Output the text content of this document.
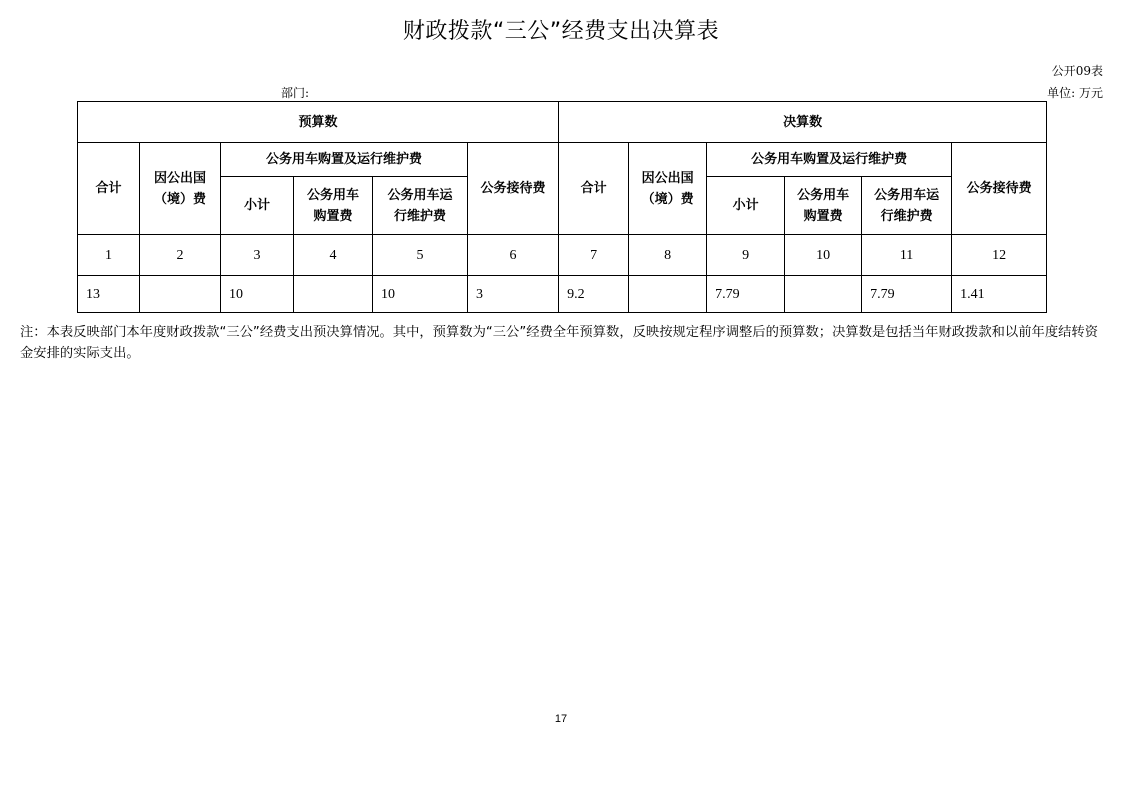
财政拨款“三公”经费支出决算表
公开09表
部门:	单位: 万元
预算数						决算数					
合计	因公出国（境）费	公务用车购置及运行维护费			公务接待费	合计	因公出国（境）费	公务用车购置及运行维护费			公务接待费
		小计	公务用车购置费	公务用车运行维护费				小计	公务用车购置费	公务用车运行维护费	

1	2	3	4	5	6	7	8	9	10	11	12
13		10		10	3	9.2		7.79		7.79	1.41
注：本表反映部门本年度财政拨款“三公”经费支出预决算情况。其中，预算数为“三公”经费全年预算数，反映按规定程序调整后的预算数；决算数是包括当年财政拨款和以前年度结转资金安排的实际支出。
17
